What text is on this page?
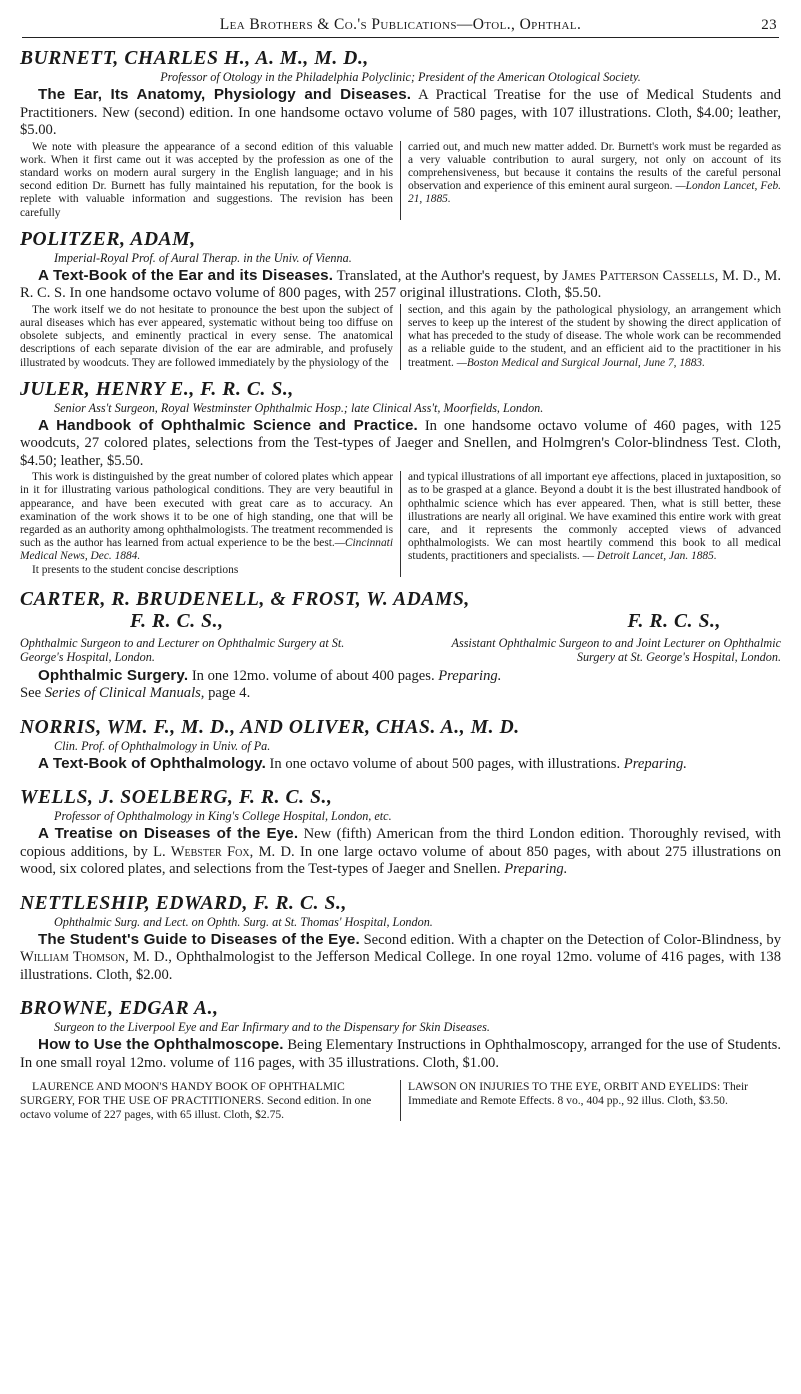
Lea Brothers & Co.'s Publications—Otol., Ophthal.	23
BURNETT, CHARLES H., A. M., M. D.,
Professor of Otology in the Philadelphia Polyclinic; President of the American Otological Society.
The Ear, Its Anatomy, Physiology and Diseases. A Practical Treatise for the use of Medical Students and Practitioners. New (second) edition. In one handsome octavo volume of 580 pages, with 107 illustrations. Cloth, $4.00; leather, $5.00.
We note with pleasure the appearance of a second edition of this valuable work. When it first came out it was accepted by the profession as one of the standard works on modern aural surgery in the English language; and in his second edition Dr. Burnett has fully maintained his reputation, for the book is replete with valuable information and suggestions. The revision has been carefully
carried out, and much new matter added. Dr. Burnett's work must be regarded as a very valuable contribution to aural surgery, not only on account of its comprehensiveness, but because it contains the results of the careful personal observation and experience of this eminent aural surgeon. —London Lancet, Feb. 21, 1885.
POLITZER, ADAM,
Imperial-Royal Prof. of Aural Therap. in the Univ. of Vienna.
A Text-Book of the Ear and its Diseases. Translated, at the Author's request, by James Patterson Cassells, M. D., M. R. C. S. In one handsome octavo volume of 800 pages, with 257 original illustrations. Cloth, $5.50.
The work itself we do not hesitate to pronounce the best upon the subject of aural diseases which has ever appeared, systematic without being too diffuse on obsolete subjects, and eminently practical in every sense. The anatomical descriptions of each separate division of the ear are admirable, and profusely illustrated by woodcuts. They are followed immediately by the physiology of the
section, and this again by the pathological physiology, an arrangement which serves to keep up the interest of the student by showing the direct application of what has preceded to the study of disease. The whole work can be recommended as a reliable guide to the student, and an efficient aid to the practitioner in his treatment. —Boston Medical and Surgical Journal, June 7, 1883.
JULER, HENRY E., F. R. C. S.,
Senior Ass't Surgeon, Royal Westminster Ophthalmic Hosp.; late Clinical Ass't, Moorfields, London.
A Handbook of Ophthalmic Science and Practice. In one handsome octavo volume of 460 pages, with 125 woodcuts, 27 colored plates, selections from the Test-types of Jaeger and Snellen, and Holmgren's Color-blindness Test. Cloth, $4.50; leather, $5.50.
This work is distinguished by the great number of colored plates which appear in it for illustrating various pathological conditions. They are very beautiful in appearance, and have been executed with great care as to accuracy. An examination of the work shows it to be one of high standing, one that will be regarded as an authority among ophthalmologists. The treatment recommended is such as the author has learned from actual experience to be the best.—Cincinnati Medical News, Dec. 1884.
It presents to the student concise descriptions
and typical illustrations of all important eye affections, placed in juxtaposition, so as to be grasped at a glance. Beyond a doubt it is the best illustrated handbook of ophthalmic science which has ever appeared. Then, what is still better, these illustrations are nearly all original. We have examined this entire work with great care, and it represents the commonly accepted views of advanced ophthalmologists. We can most heartily commend this book to all medical students, practitioners and specialists. — Detroit Lancet, Jan. 1885.
CARTER, R. BRUDENELL, & FROST, W. ADAMS,
F. R. C. S.,	F. R. C. S.,
Ophthalmic Surgeon to and Lecturer on Ophthalmic Surgery at St. George's Hospital, London.
Assistant Ophthalmic Surgeon to and Joint Lecturer on Ophthalmic Surgery at St. George's Hospital, London.
Ophthalmic Surgery. In one 12mo. volume of about 400 pages. Preparing.
See Series of Clinical Manuals, page 4.
NORRIS, WM. F., M. D., AND OLIVER, CHAS. A., M. D.
Clin. Prof. of Ophthalmology in Univ. of Pa.
A Text-Book of Ophthalmology. In one octavo volume of about 500 pages, with illustrations. Preparing.
WELLS, J. SOELBERG, F. R. C. S.,
Professor of Ophthalmology in King's College Hospital, London, etc.
A Treatise on Diseases of the Eye. New (fifth) American from the third London edition. Thoroughly revised, with copious additions, by L. Webster Fox, M. D. In one large octavo volume of about 850 pages, with about 275 illustrations on wood, six colored plates, and selections from the Test-types of Jaeger and Snellen. Preparing.
NETTLESHIP, EDWARD, F. R. C. S.,
Ophthalmic Surg. and Lect. on Ophth. Surg. at St. Thomas' Hospital, London.
The Student's Guide to Diseases of the Eye. Second edition. With a chapter on the Detection of Color-Blindness, by William Thomson, M. D., Ophthalmologist to the Jefferson Medical College. In one royal 12mo. volume of 416 pages, with 138 illustrations. Cloth, $2.00.
BROWNE, EDGAR A.,
Surgeon to the Liverpool Eye and Ear Infirmary and to the Dispensary for Skin Diseases.
How to Use the Ophthalmoscope. Being Elementary Instructions in Ophthalmoscopy, arranged for the use of Students. In one small royal 12mo. volume of 116 pages, with 35 illustrations. Cloth, $1.00.
LAURENCE AND MOON'S HANDY BOOK OF OPHTHALMIC SURGERY, FOR THE USE OF PRACTITIONERS. Second edition. In one octavo volume of 227 pages, with 65 illust. Cloth, $2.75.
LAWSON ON INJURIES TO THE EYE, ORBIT AND EYELIDS: Their Immediate and Remote Effects. 8 vo., 404 pp., 92 illus. Cloth, $3.50.
